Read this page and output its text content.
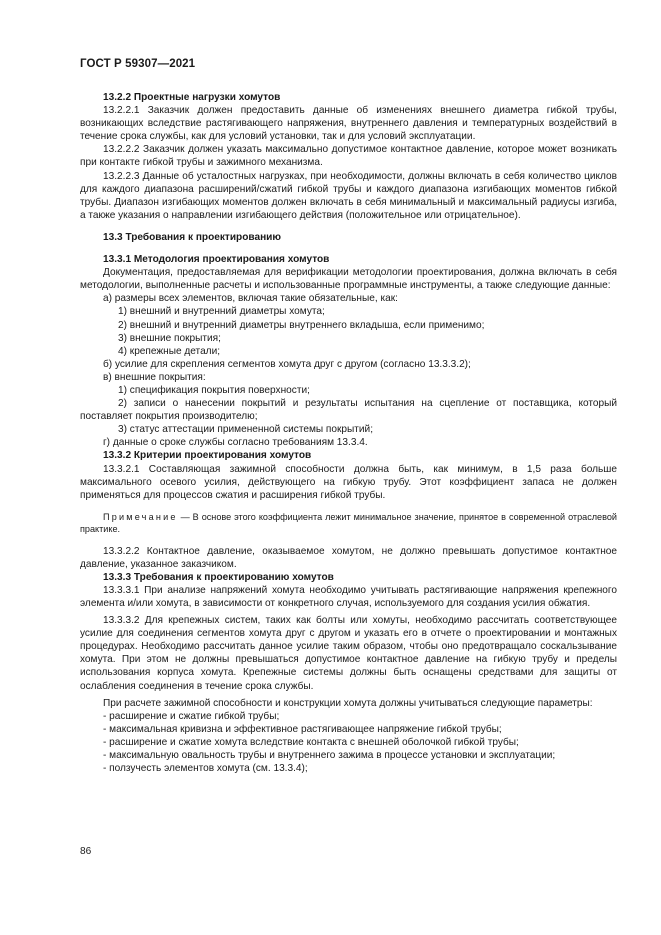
ГОСТ Р 59307—2021

13.2.2 Проектные нагрузки хомутов

13.2.2.1 Заказчик должен предоставить данные об изменениях внешнего диаметра гибкой трубы, возникающих вследствие растягивающего напряжения, внутреннего давления и температурных воздействий в течение срока службы, как для условий установки, так и для условий эксплуатации.

13.2.2.2 Заказчик должен указать максимально допустимое контактное давление, которое может возникать при контакте гибкой трубы и зажимного механизма.

13.2.2.3 Данные об усталостных нагрузках, при необходимости, должны включать в себя количество циклов для каждого диапазона расширений/сжатий гибкой трубы и каждого диапазона изгибающих моментов гибкой трубы. Диапазон изгибающих моментов должен включать в себя минимальный и максимальный радиусы изгиба, а также указания о направлении изгибающего действия (положительное или отрицательное).

13.3 Требования к проектированию

13.3.1 Методология проектирования хомутов

Документация, предоставляемая для верификации методологии проектирования, должна включать в себя методологии, выполненные расчеты и использованные программные инструменты, а также следующие данные:

а) размеры всех элементов, включая такие обязательные, как:

1) внешний и внутренний диаметры хомута;

2) внешний и внутренний диаметры внутреннего вкладыша, если применимо;

3) внешние покрытия;

4) крепежные детали;

б) усилие для скрепления сегментов хомута друг с другом (согласно 13.3.3.2);

в) внешние покрытия:

1) спецификация покрытия поверхности;

2) записи о нанесении покрытий и результаты испытания на сцепление от поставщика, который поставляет покрытия производителю;

3) статус аттестации примененной системы покрытий;

г) данные о сроке службы согласно требованиям 13.3.4.

13.3.2 Критерии проектирования хомутов

13.3.2.1 Составляющая зажимной способности должна быть, как минимум, в 1,5 раза больше максимального осевого усилия, действующего на гибкую трубу. Этот коэффициент запаса не должен применяться для процессов сжатия и расширения гибкой трубы.

Примечание — В основе этого коэффициента лежит минимальное значение, принятое в современной отраслевой практике.

13.3.2.2 Контактное давление, оказываемое хомутом, не должно превышать допустимое контактное давление, указанное заказчиком.

13.3.3 Требования к проектированию хомутов

13.3.3.1 При анализе напряжений хомута необходимо учитывать растягивающие напряжения крепежного элемента и/или хомута, в зависимости от конкретного случая, используемого для создания усилия обжатия.

13.3.3.2 Для крепежных систем, таких как болты или хомуты, необходимо рассчитать соответствующее усилие для соединения сегментов хомута друг с другом и указать его в отчете о проектировании и монтажных процедурах. Необходимо рассчитать данное усилие таким образом, чтобы оно предотвращало соскальзывание хомута. При этом не должны превышаться допустимое контактное давление на гибкую трубу и пределы использования корпуса хомута. Крепежные системы должны быть оснащены средствами для защиты от ослабления соединения в течение срока службы.

При расчете зажимной способности и конструкции хомута должны учитываться следующие параметры:

- расширение и сжатие гибкой трубы;

- максимальная кривизна и эффективное растягивающее напряжение гибкой трубы;

- расширение и сжатие хомута вследствие контакта с внешней оболочкой гибкой трубы;

- максимальную овальность трубы и внутреннего зажима в процессе установки и эксплуатации;

- ползучесть элементов хомута (см. 13.3.4);

86
